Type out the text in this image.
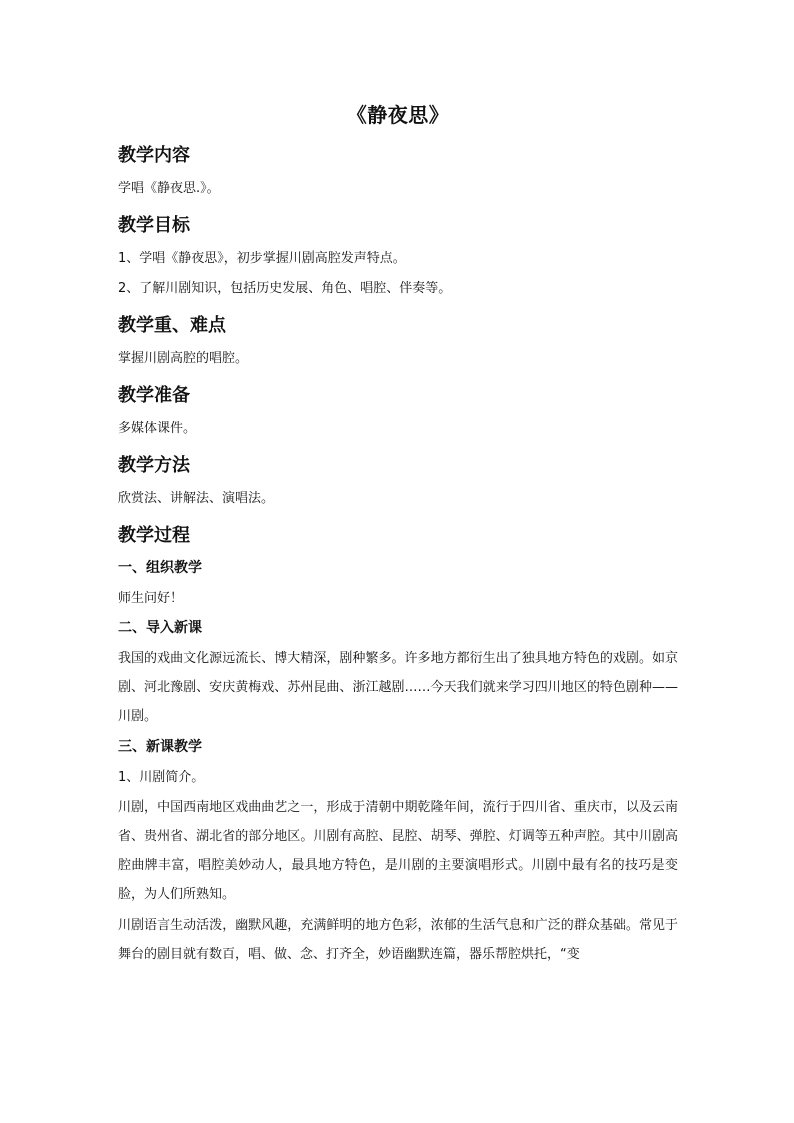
《静夜思》
教学内容

学唱《静夜思.》。

教学目标

1、学唱《静夜思》，初步掌握川剧高腔发声特点。

2、了解川剧知识，包括历史发展、角色、唱腔、伴奏等。

教学重、难点

掌握川剧高腔的唱腔。

教学准备

多媒体课件。

教学方法

欣赏法、讲解法、演唱法。

教学过程
一、组织教学

师生问好！

二、导入新课

我国的戏曲文化源远流长、博大精深，剧种繁多。许多地方都衍生出了独具地方特色的戏剧。如京剧、河北豫剧、安庆黄梅戏、苏州昆曲、浙江越剧……今天我们就来学习四川地区的特色剧种——川剧。

三、新课教学

1、川剧简介。

川剧，中国西南地区戏曲曲艺之一，形成于清朝中期乾隆年间，流行于四川省、重庆市，以及云南省、贵州省、湖北省的部分地区。川剧有高腔、昆腔、胡琴、弹腔、灯调等五种声腔。其中川剧高腔曲牌丰富，唱腔美妙动人，最具地方特色，是川剧的主要演唱形式。川剧中最有名的技巧是变脸，为人们所熟知。

川剧语言生动活泼，幽默风趣，充满鲜明的地方色彩，浓郁的生活气息和广泛的群众基础。常见于舞台的剧目就有数百，唱、做、念、打齐全，妙语幽默连篇，器乐帮腔烘托，“变
